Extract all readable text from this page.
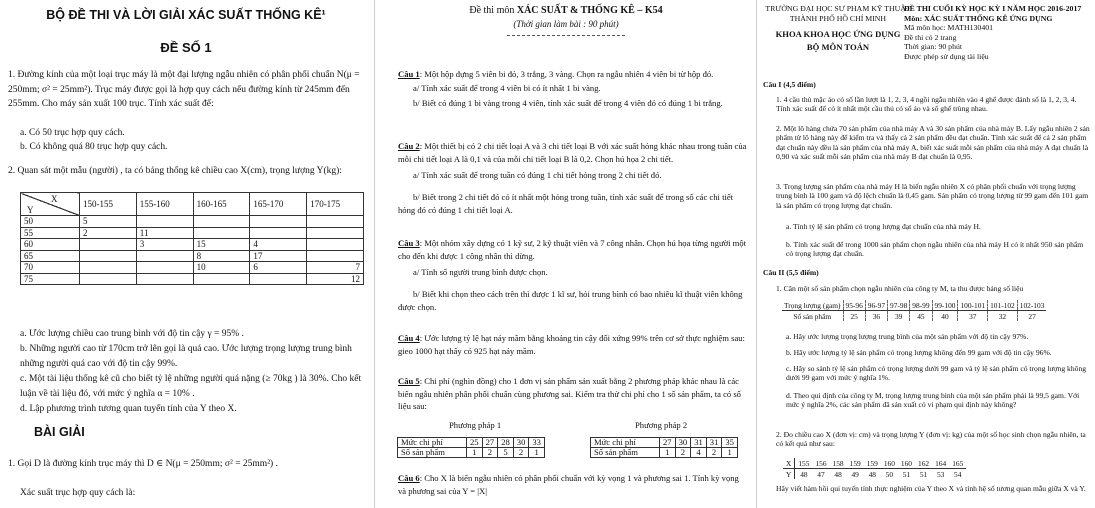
BỘ ĐỀ THI VÀ LỜI GIẢI XÁC SUẤT THỐNG KÊ¹
ĐỀ SỐ 1

1. Đường kính của một loại trục máy là một đại lượng ngẫu nhiên có phân phối chuẩn N(μ = 250mm; σ² = 25mm²). Trục máy được gọi là hợp quy cách nếu đường kính từ 245mm đến 255mm. Cho máy sản xuất 100 trục. Tính xác suất để:

a. Có 50 trục hợp quy cách.

b. Có không quá 80 trục hợp quy cách.

2. Quan sát một mẫu (người) , ta có bảng thống kê chiều cao X(cm), trọng lượng Y(kg):

X
Y	150-155	155-160	160-165	165-170	170-175
50	5				
55	2	11			
60		3	15	4	
65			8	17	
70			10	6	7
75					12

a. Ước lượng chiều cao trung bình với độ tin cậy γ = 95% .

b. Những người cao từ 170cm trở lên gọi là quá cao. Ước lượng trọng lượng trung bình những người quá cao với độ tin cậy 99%.

c. Một tài liệu thống kê cũ cho biết tỷ lệ những người quá nặng (≥ 70kg ) là 30%. Cho kết luận về tài liệu đó, với mức ý nghĩa α = 10% .

d. Lập phương trình tương quan tuyến tính của Y theo X.

BÀI GIẢI

1. Gọi D là đường kính trục máy thì D ∈ N(μ = 250mm; σ² = 25mm²) .

Xác suất trục hợp quy cách là:

Đề thi môn XÁC SUẤT & THỐNG KÊ – K54
(Thời gian làm bài : 90 phút)

Câu 1: Một hộp đựng 5 viên bi đỏ, 3 trắng, 3 vàng. Chọn ra ngẫu nhiên 4 viên bi từ hộp đó.

a/ Tính xác suất để trong 4 viên bi có ít nhất 1 bi vàng.

b/ Biết có đúng 1 bi vàng trong 4 viên, tính xác suất để trong 4 viên đó có đúng 1 bi trắng.

Câu 2: Một thiết bị có 2 chi tiết loại A và 3 chi tiết loại B với xác suất hỏng khác nhau trong tuần của mỗi chi tiết loại A là 0,1 và của mỗi chi tiết loại B là 0,2. Chọn hú họa 2 chi tiết.

a/ Tính xác suất để trong tuần có đúng 1 chi tiết hỏng trong 2 chi tiết đó.

b/ Biết trong 2 chi tiết đó có ít nhất một hỏng trong tuần, tính xác suất để trong số các chi tiết hỏng đó có đúng 1 chi tiết loại A.

Câu 3: Một nhóm xây dựng có 1 kỹ sư, 2 kỹ thuật viên và 7 công nhân. Chọn hú họa từng người một cho đến khi được 1 công nhân thì dừng.

a/ Tính số người trung bình được chọn.

b/ Biết khi chọn theo cách trên thì được 1 kĩ sư, hỏi trung bình có bao nhiêu kĩ thuật viên không được chọn.

Câu 4: Ước lượng tỷ lệ hạt nảy mầm bằng khoảng tin cậy đối xứng 99% trên cơ sở thực nghiệm sau: gieo 1000 hạt thấy có 925 hạt nảy mầm.

Câu 5: Chi phí (nghìn đồng) cho 1 đơn vị sản phẩm sản xuất bằng 2 phương pháp khác nhau là các biến ngẫu nhiên phân phối chuẩn cùng phương sai. Kiểm tra thử chi phí cho 1 số sản phẩm, ta có số liệu sau:

Phương pháp 1	Phương pháp 2
Mức chi phí	25	27	28	30	33
Số sản phẩm	1	2	5	2	1
Mức chi phí	27	30	31	31	35
Số sản phẩm	1	2	4	2	1

Câu 6: Cho X là biến ngẫu nhiên có phân phối chuẩn với kỳ vọng 1 và phương sai 1. Tính kỳ vọng và phương sai của Y = |X|

TRƯỜNG ĐẠI HỌC SƯ PHẠM KỸ THUẬT
THÀNH PHỐ HỒ CHÍ MINH
KHOA KHOA HỌC ỨNG DỤNG
BỘ MÔN TOÁN
ĐỀ THI CUỐI KỲ HỌC KỲ I NĂM HỌC 2016-2017
Môn: XÁC SUẤT THỐNG KÊ ỨNG DỤNG
Mã môn học: MATH130401
Đề thi có 2 trang
Thời gian: 90 phút
Được phép sử dụng tài liệu

Câu I (4,5 điểm)

1. 4 cầu thủ mặc áo có số lần lượt là 1, 2, 3, 4 ngồi ngẫu nhiên vào 4 ghế được đánh số là 1, 2, 3, 4. Tính xác suất để có ít nhất một cầu thủ có số áo và số ghế trùng nhau.

2. Một lô hàng chứa 70 sản phẩm của nhà máy A và 30 sản phẩm của nhà máy B. Lấy ngẫu nhiên 2 sản phẩm từ lô hàng này để kiểm tra và thấy cả 2 sản phẩm đều đạt chuẩn. Tính xác suất để cả 2 sản phẩm đạt chuẩn này đều là sản phẩm của nhà máy A, biết xác suất mỗi sản phẩm của nhà máy A đạt chuẩn là 0,90 và xác suất mỗi sản phẩm của nhà máy B đạt chuẩn là 0,95.

3. Trọng lượng sản phẩm của nhà máy H là biến ngẫu nhiên X có phân phối chuẩn với trọng lượng trung bình là 100 gam và độ lệch chuẩn là 0,45 gam. Sản phẩm có trọng lượng từ 99 gam đến 101 gam là sản phẩm có trọng lượng đạt chuẩn.

a. Tính tỷ lệ sản phẩm có trọng lượng đạt chuẩn của nhà máy H.

b. Tính xác suất để trong 1000 sản phẩm chọn ngẫu nhiên của nhà máy H có ít nhất 950 sản phẩm có trọng lượng đạt chuẩn.

Câu II (5,5 điểm)

1. Cân một số sản phẩm chọn ngẫu nhiên của công ty M, ta thu được bảng số liệu

Trọng lượng (gam)	95-96	96-97	97-98	98-99	99-100	100-101	101-102	102-103
Số sản phẩm	25	36	39	45	40	37	32	27

a. Hãy ước lượng trọng lượng trung bình của một sản phẩm với độ tin cậy 97%.

b. Hãy ước lượng tỷ lệ sản phẩm có trọng lượng không đến 99 gam với độ tin cậy 96%.

c. Hãy so sánh tỷ lệ sản phẩm có trọng lượng dưới 99 gam và tỷ lệ sản phẩm có trọng lượng không dưới 99 gam với mức ý nghĩa 1%.

d. Theo qui định của công ty M, trọng lượng trung bình của một sản phẩm phải là 99,5 gam. Với mức ý nghĩa 2%, các sản phẩm đã sản xuất có vi phạm qui định này không?

2. Đo chiều cao X (đơn vị: cm) và trọng lượng Y (đơn vị: kg) của một số học sinh chọn ngẫu nhiên, ta có kết quả như sau:

X	155	156	158	159	159	160	160	162	164	165
Y	48	47	48	49	48	50	51	51	53	54

Hãy viết hàm hồi qui tuyến tính thực nghiệm của Y theo X và tính hệ số tương quan mẫu giữa X và Y.
